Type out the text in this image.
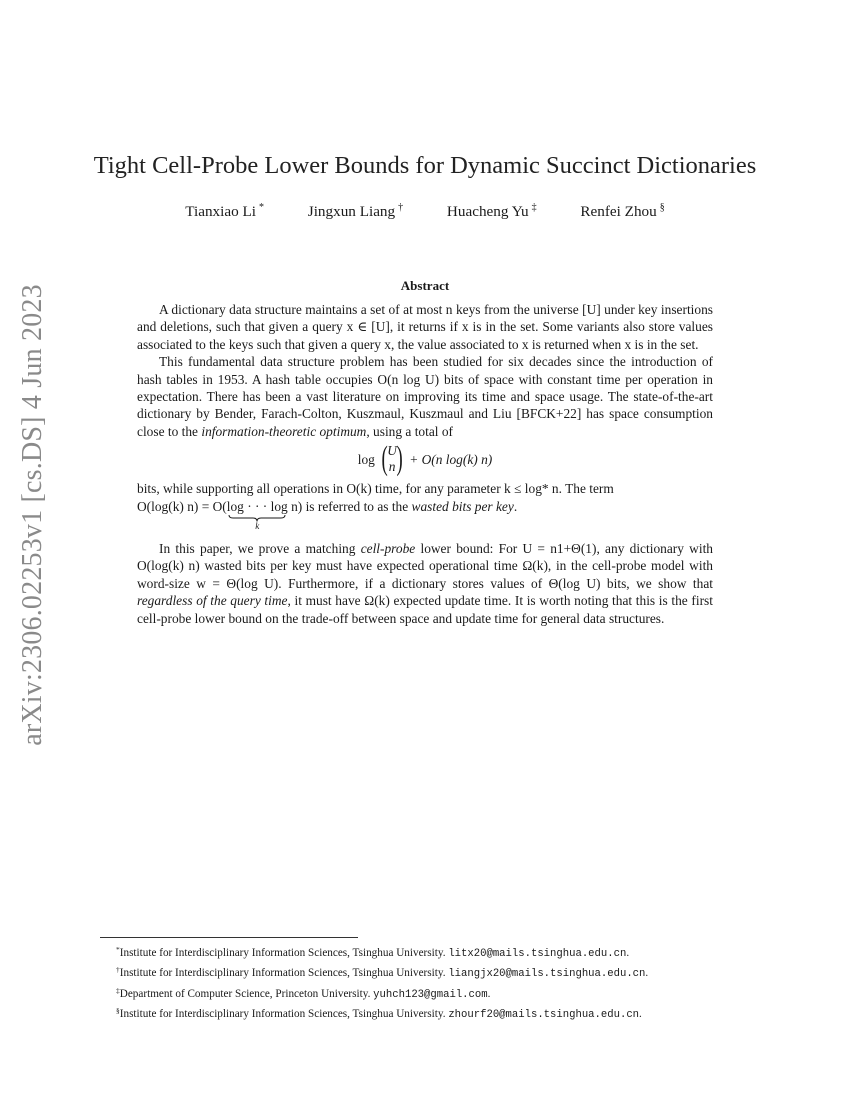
arXiv:2306.02253v1 [cs.DS] 4 Jun 2023
Tight Cell-Probe Lower Bounds for Dynamic Succinct Dictionaries
Tianxiao Li *	Jingxun Liang †	Huacheng Yu ‡	Renfei Zhou §
Abstract

A dictionary data structure maintains a set of at most n keys from the universe [U] under key insertions and deletions, such that given a query x ∈ [U], it returns if x is in the set. Some variants also store values associated to the keys such that given a query x, the value associated to x is returned when x is in the set.

This fundamental data structure problem has been studied for six decades since the introduction of hash tables in 1953. A hash table occupies O(n log U) bits of space with constant time per operation in expectation. There has been a vast literature on improving its time and space usage. The state-of-the-art dictionary by Bender, Farach-Colton, Kuszmaul, Kuszmaul and Liu [BFCK+22] has space consumption close to the information-theoretic optimum, using a total of

log ( U
n ) + O(n log(k) n)

bits, while supporting all operations in O(k) time, for any parameter k ≤ log* n. The term
O(log(k) n) = O( log · · · log
k
n) is referred to as the wasted bits per key.

In this paper, we prove a matching cell-probe lower bound: For U = n1+Θ(1), any dictionary with O(log(k) n) wasted bits per key must have expected operational time Ω(k), in the cell-probe model with word-size w = Θ(log U). Furthermore, if a dictionary stores values of Θ(log U) bits, we show that regardless of the query time, it must have Ω(k) expected update time. It is worth noting that this is the first cell-probe lower bound on the trade-off between space and update time for general data structures.

*Institute for Interdisciplinary Information Sciences, Tsinghua University. litx20@mails.tsinghua.edu.cn.
†Institute for Interdisciplinary Information Sciences, Tsinghua University. liangjx20@mails.tsinghua.edu.cn.
‡Department of Computer Science, Princeton University. yuhch123@gmail.com.
§Institute for Interdisciplinary Information Sciences, Tsinghua University. zhourf20@mails.tsinghua.edu.cn.
